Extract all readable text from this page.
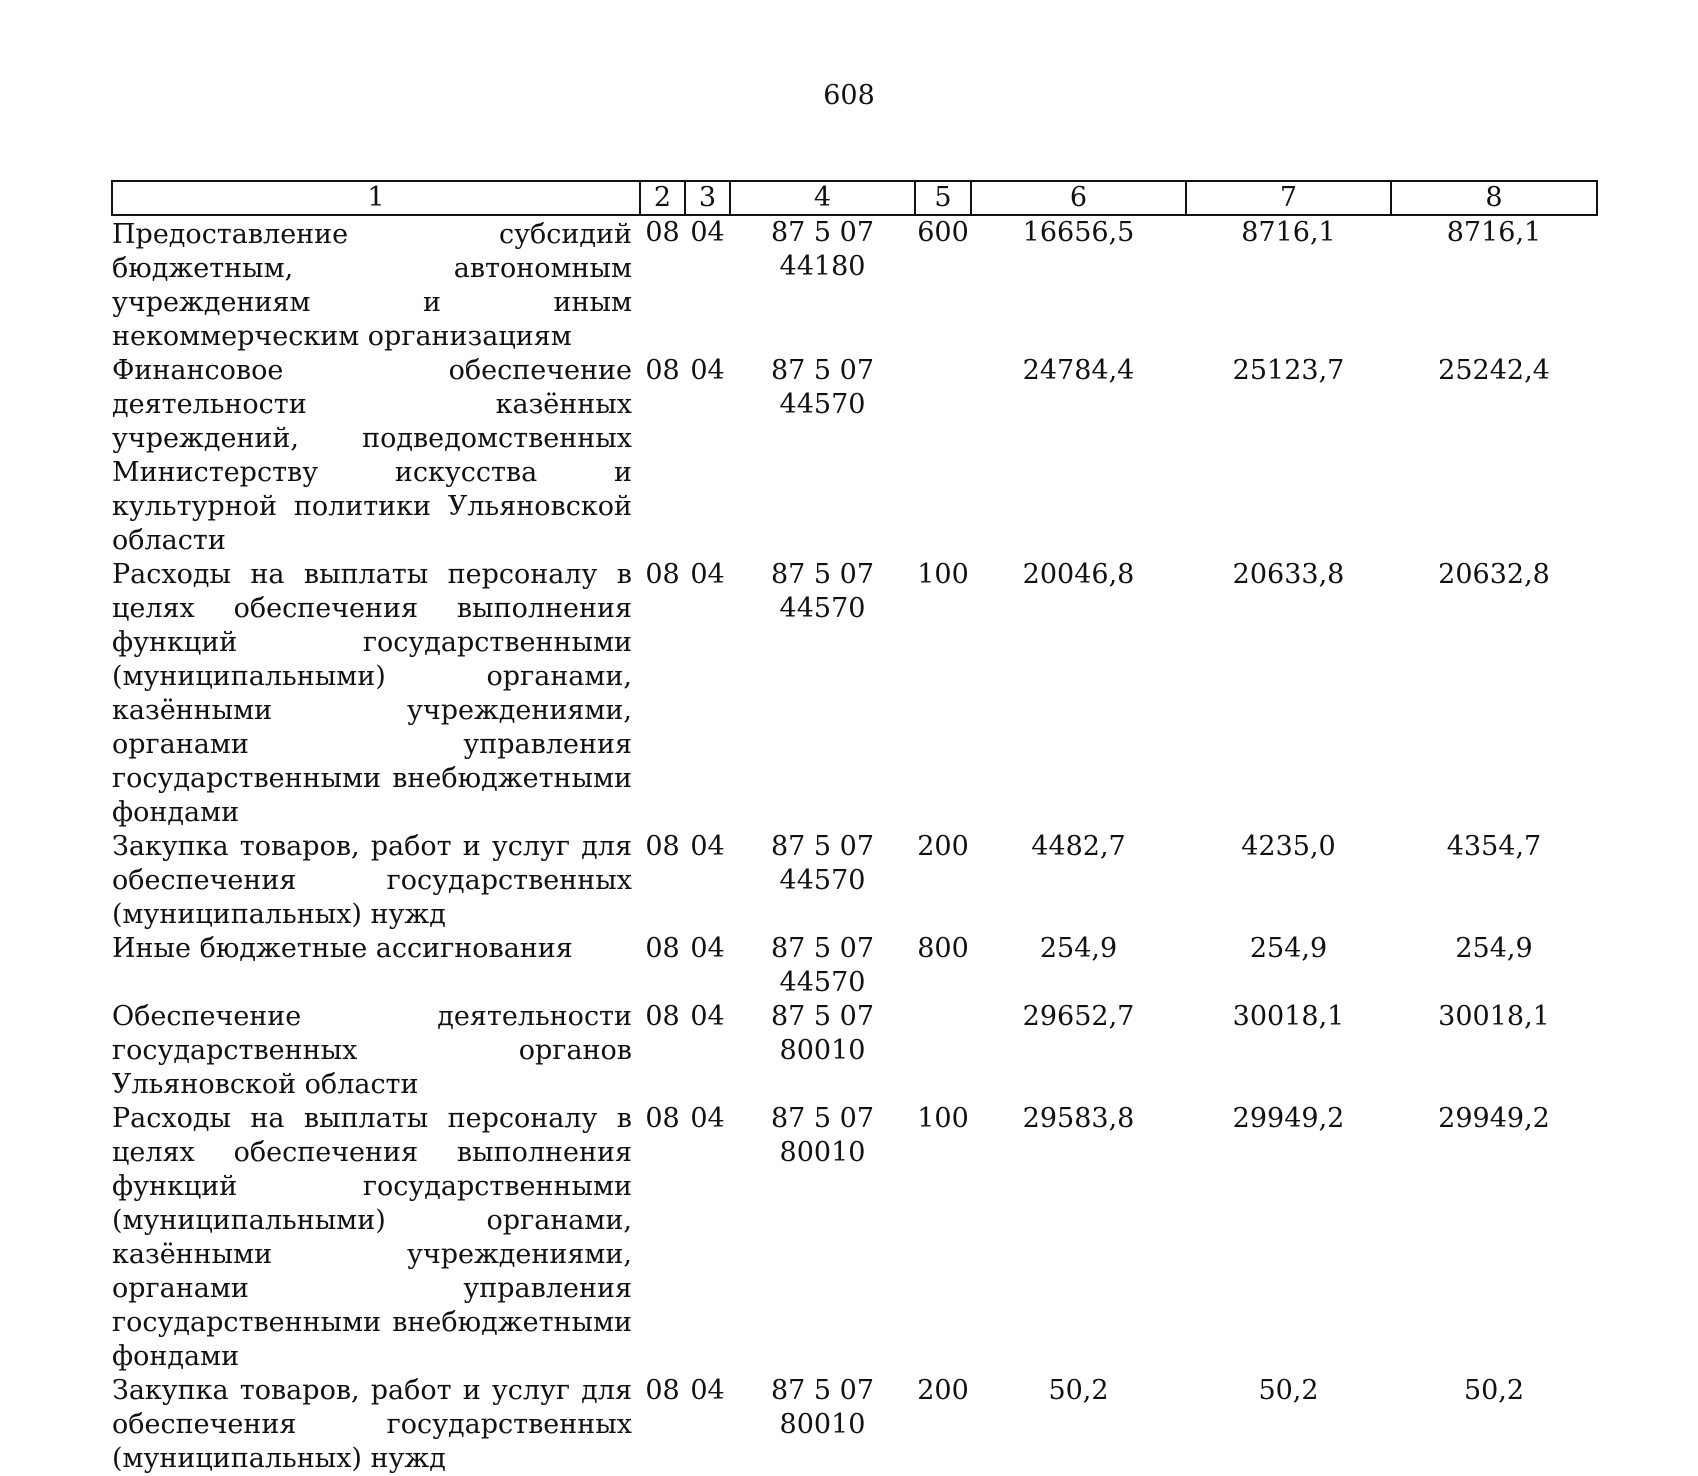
608
1	2	3	4	5	6	7	8
Предоставление субсидий бюджетным, автономным учреждениям и иным некоммерческим организациям	08	04	87 5 07 44180	600	16656,5	8716,1	8716,1
Финансовое обеспечение деятельности казённых учреждений, подведомственных Министерству искусства и культурной политики Ульяновской области	08	04	87 5 07 44570		24784,4	25123,7	25242,4
Расходы на выплаты персоналу в целях обеспечения выполнения функций государственными (муниципальными) органами, казёнными учреждениями, органами управления государственными внебюджетными фондами	08	04	87 5 07 44570	100	20046,8	20633,8	20632,8
Закупка товаров, работ и услуг для обеспечения государственных (муниципальных) нужд	08	04	87 5 07 44570	200	4482,7	4235,0	4354,7
Иные бюджетные ассигнования	08	04	87 5 07 44570	800	254,9	254,9	254,9
Обеспечение деятельности государственных органов Ульяновской области	08	04	87 5 07 80010		29652,7	30018,1	30018,1
Расходы на выплаты персоналу в целях обеспечения выполнения функций государственными (муниципальными) органами, казёнными учреждениями, органами управления государственными внебюджетными фондами	08	04	87 5 07 80010	100	29583,8	29949,2	29949,2
Закупка товаров, работ и услуг для обеспечения государственных (муниципальных) нужд	08	04	87 5 07 80010	200	50,2	50,2	50,2
